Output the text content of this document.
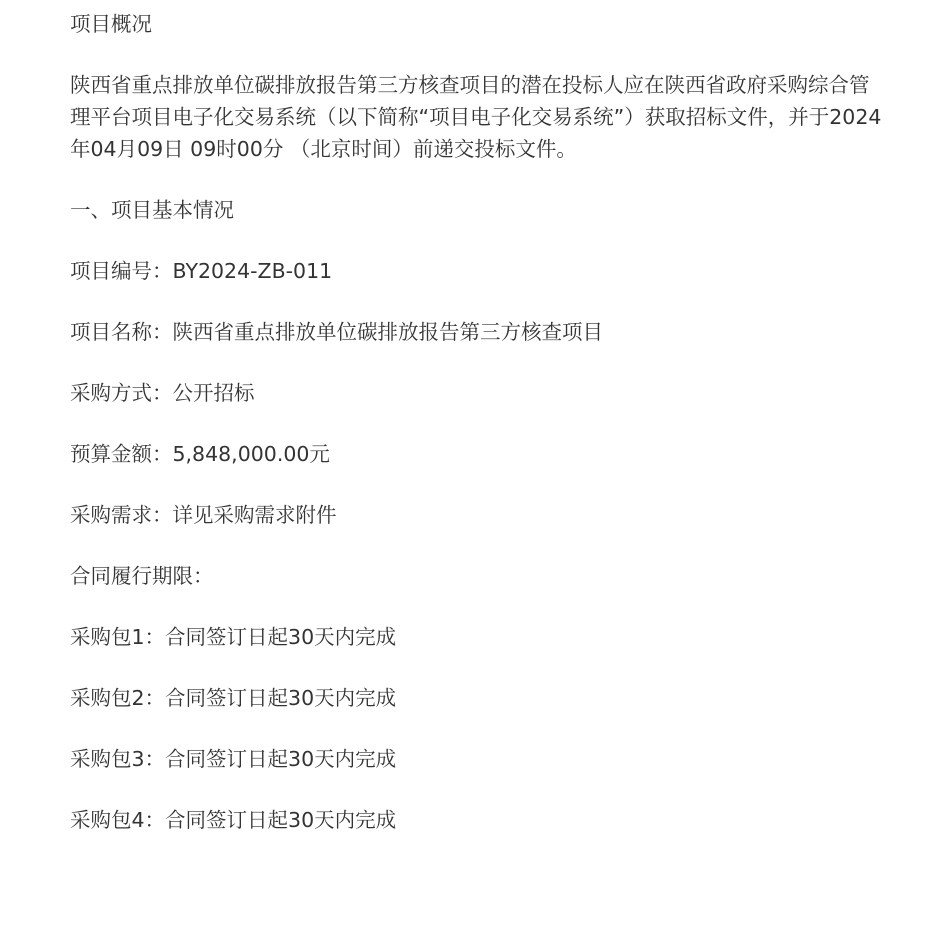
项目概况

陕西省重点排放单位碳排放报告第三方核查项目的潜在投标人应在陕西省政府采购综合管理平台项目电子化交易系统（以下简称“项目电子化交易系统”）获取招标文件，并于2024年04月09日 09时00分 （北京时间）前递交投标文件。

一、项目基本情况

项目编号：BY2024-ZB-011

项目名称：陕西省重点排放单位碳排放报告第三方核查项目

采购方式：公开招标

预算金额：5,848,000.00元

采购需求：详见采购需求附件

合同履行期限：

采购包1：合同签订日起30天内完成

采购包2：合同签订日起30天内完成

采购包3：合同签订日起30天内完成

采购包4：合同签订日起30天内完成
